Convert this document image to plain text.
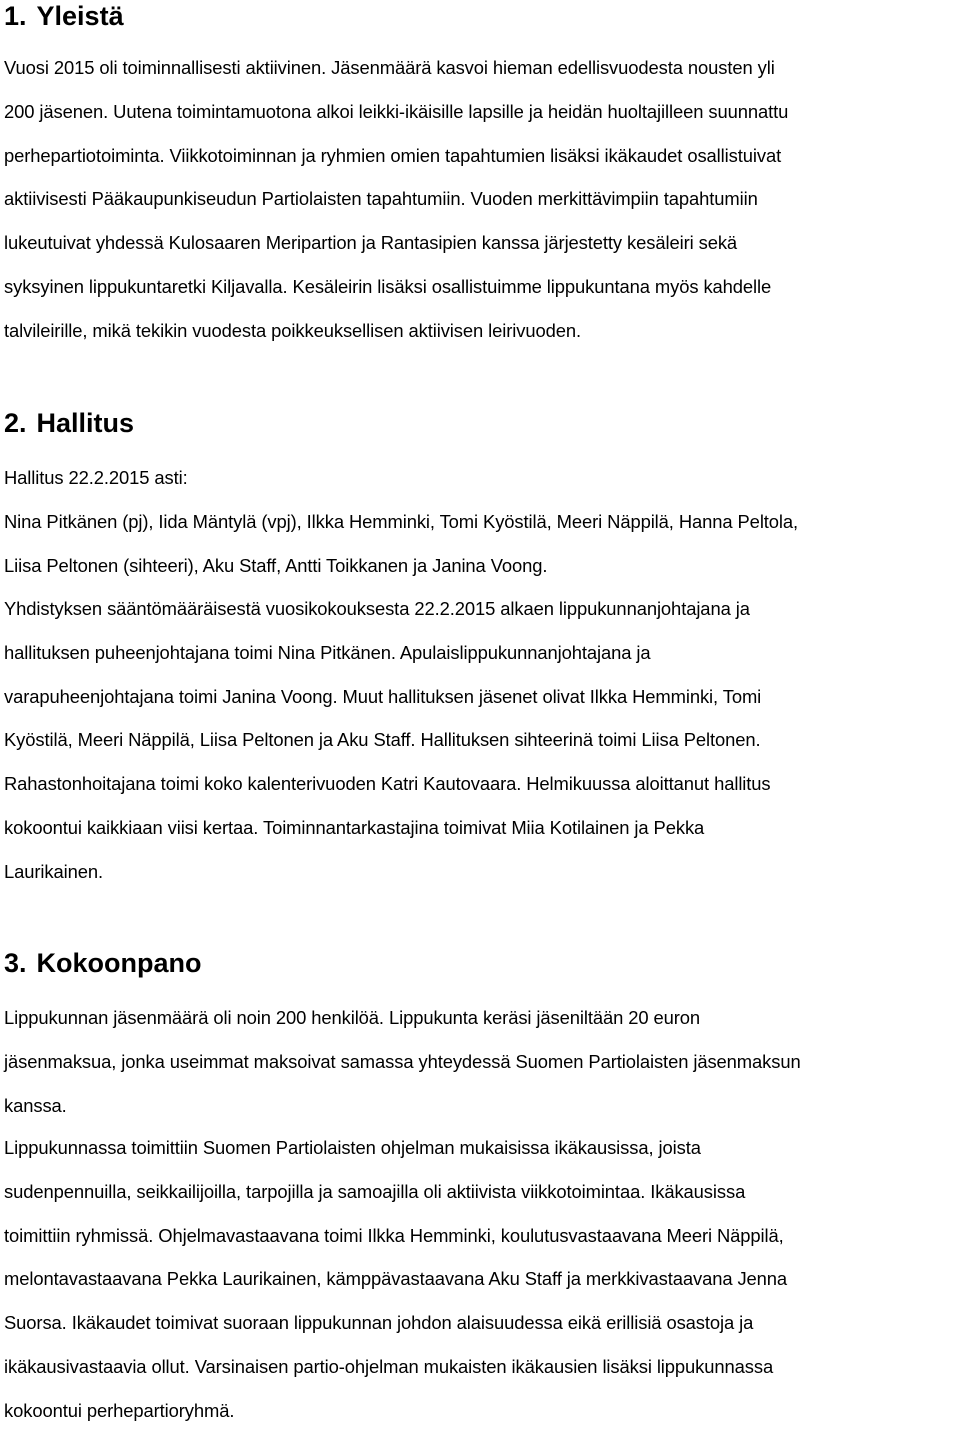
1. Yleistä

Vuosi 2015 oli toiminnallisesti aktiivinen. Jäsenmäärä kasvoi hieman edellisvuodesta nousten yli
200 jäsenen. Uutena toimintamuotona alkoi leikki-ikäisille lapsille ja heidän huoltajilleen suunnattu
perhepartiotoiminta. Viikkotoiminnan ja ryhmien omien tapahtumien lisäksi ikäkaudet osallistuivat
aktiivisesti Pääkaupunkiseudun Partiolaisten tapahtumiin. Vuoden merkittävimpiin tapahtumiin
lukeutuivat yhdessä Kulosaaren Meripartion ja Rantasipien kanssa järjestetty kesäleiri sekä
syksyinen lippukuntaretki Kiljavalla. Kesäleirin lisäksi osallistuimme lippukuntana myös kahdelle
talvileirille, mikä tekikin vuodesta poikkeuksellisen aktiivisen leirivuoden.

2. Hallitus

Hallitus 22.2.2015 asti:
Nina Pitkänen (pj), Iida Mäntylä (vpj), Ilkka Hemminki, Tomi Kyöstilä, Meeri Näppilä, Hanna Peltola,
Liisa Peltonen (sihteeri), Aku Staff, Antti Toikkanen ja Janina Voong.

Yhdistyksen sääntömääräisestä vuosikokouksesta 22.2.2015 alkaen lippukunnanjohtajana ja
hallituksen puheenjohtajana toimi Nina Pitkänen. Apulaislippukunnanjohtajana ja
varapuheenjohtajana toimi Janina Voong. Muut hallituksen jäsenet olivat Ilkka Hemminki, Tomi
Kyöstilä, Meeri Näppilä, Liisa Peltonen ja Aku Staff. Hallituksen sihteerinä toimi Liisa Peltonen.
Rahastonhoitajana toimi koko kalenterivuoden Katri Kautovaara. Helmikuussa aloittanut hallitus
kokoontui kaikkiaan viisi kertaa. Toiminnantarkastajina toimivat Miia Kotilainen ja Pekka
Laurikainen.

3. Kokoonpano

Lippukunnan jäsenmäärä oli noin 200 henkilöä. Lippukunta keräsi jäseniltään 20 euron
jäsenmaksua, jonka useimmat maksoivat samassa yhteydessä Suomen Partiolaisten jäsenmaksun
kanssa.

Lippukunnassa toimittiin Suomen Partiolaisten ohjelman mukaisissa ikäkausissa, joista
sudenpennuilla, seikkailijoilla, tarpojilla ja samoajilla oli aktiivista viikkotoimintaa. Ikäkausissa
toimittiin ryhmissä. Ohjelmavastaavana toimi Ilkka Hemminki, koulutusvastaavana Meeri Näppilä,
melontavastaavana Pekka Laurikainen, kämppävastaavana Aku Staff ja merkkivastaavana Jenna
Suorsa. Ikäkaudet toimivat suoraan lippukunnan johdon alaisuudessa eikä erillisiä osastoja ja
ikäkausivastaavia ollut. Varsinaisen partio-ohjelman mukaisten ikäkausien lisäksi lippukunnassa
kokoontui perhepartioryhmä.
